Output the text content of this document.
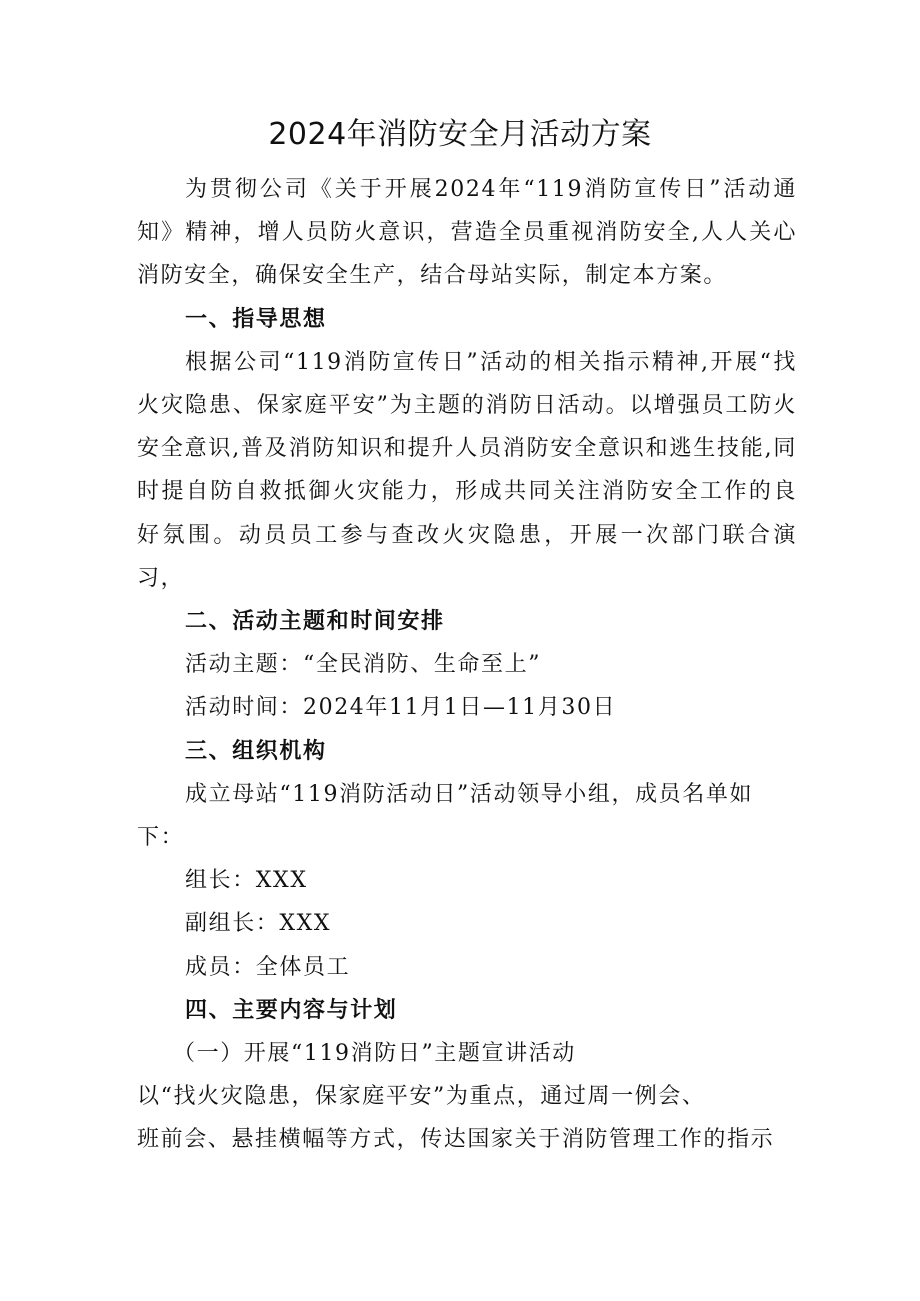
2024年消防安全月活动方案

为贯彻公司《关于开展2024年“119消防宣传日”活动通知》精神，增人员防火意识，营造全员重视消防安全,人人关心消防安全，确保安全生产，结合母站实际，制定本方案。

一、指导思想

根据公司“119消防宣传日”活动的相关指示精神,开展“找火灾隐患、保家庭平安”为主题的消防日活动。以增强员工防火安全意识,普及消防知识和提升人员消防安全意识和逃生技能,同时提自防自救抵御火灾能力，形成共同关注消防安全工作的良好氛围。动员员工参与查改火灾隐患，开展一次部门联合演习，

二、活动主题和时间安排

活动主题：“全民消防、生命至上”

活动时间：2024年11月1日—11月30日

三、组织机构

成立母站“119消防活动日”活动领导小组，成员名单如

下：

组长：XXX

副组长：XXX

成员：全体员工

四、主要内容与计划

（一）开展“119消防日”主题宣讲活动

以“找火灾隐患，保家庭平安”为重点，通过周一例会、

班前会、悬挂横幅等方式，传达国家关于消防管理工作的指示
